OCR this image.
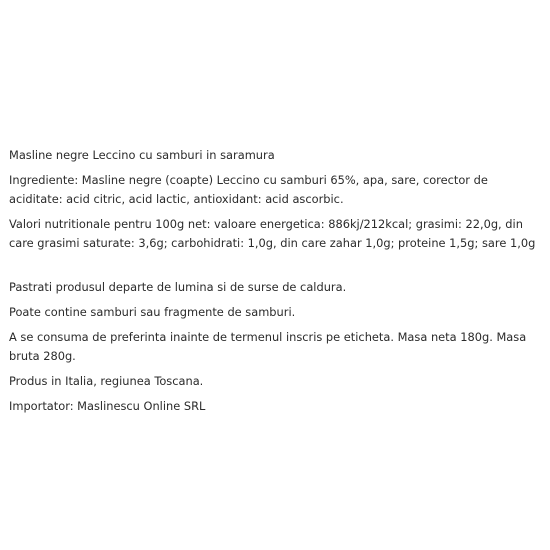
Masline negre Leccino cu samburi in saramura

Ingrediente: Masline negre (coapte) Leccino cu samburi 65%, apa, sare, corector de aciditate: acid citric, acid lactic, antioxidant: acid ascorbic.

Valori nutritionale pentru 100g net: valoare energetica: 886kj/212kcal; grasimi: 22,0g, din care grasimi saturate: 3,6g; carbohidrati: 1,0g, din care zahar 1,0g; proteine 1,5g; sare 1,0g

Pastrati produsul departe de lumina si de surse de caldura.

Poate contine samburi sau fragmente de samburi.

A se consuma de preferinta inainte de termenul inscris pe eticheta. Masa neta 180g. Masa bruta 280g.

Produs in Italia, regiunea Toscana.

Importator: Maslinescu Online SRL
